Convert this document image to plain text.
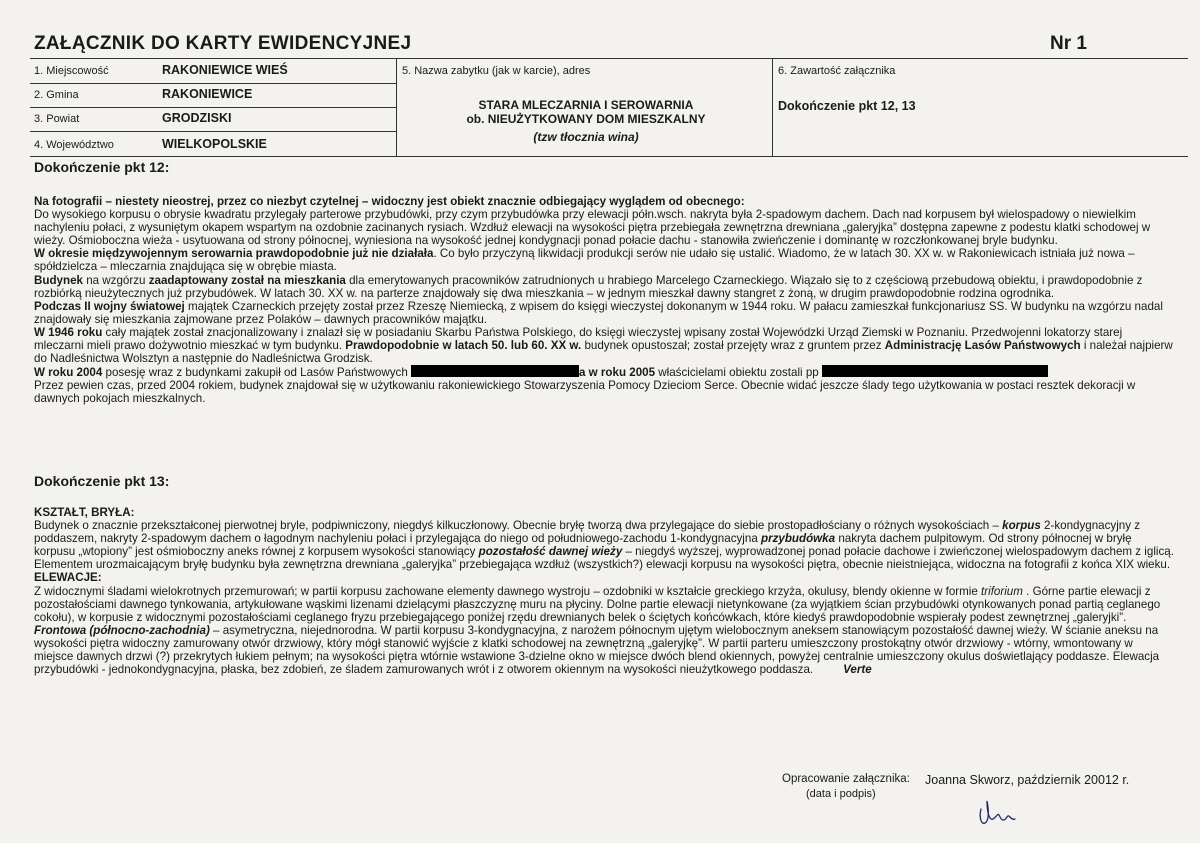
ZAŁĄCZNIK DO KARTY EWIDENCYJNEJ	Nr 1
1. Miejscowość	RAKONIEWICE WIEŚ
2. Gmina	RAKONIEWICE
3. Powiat	GRODZISKI
4. Województwo	WIELKOPOLSKIE
5. Nazwa zabytku (jak w karcie), adres
STARA MLECZARNIA I SEROWARNIA
ob. NIEUŻYTKOWANY DOM MIESZKALNY
(tzw tłocznia wina)
6. Zawartość załącznika
Dokończenie pkt 12, 13
Dokończenie pkt 12:

Na fotografii – niestety nieostrej, przez co niezbyt czytelnej – widoczny jest obiekt znacznie odbiegający wyglądem od obecnego:
Do wysokiego korpusu o obrysie kwadratu przylegały parterowe przybudówki, przy czym przybudówka przy elewacji półn.wsch. nakryta była 2-spadowym dachem. Dach nad korpusem był wielospadowy o niewielkim nachyleniu połaci, z wysuniętym okapem wspartym na ozdobnie zacinanych rysiach. Wzdłuż elewacji na wysokości piętra przebiegała zewnętrzna drewniana „galeryjka” dostępna zapewne z podestu klatki schodowej w wieży. Ośmioboczna wieża - usytuowana od strony północnej, wyniesiona na wysokość jednej kondygnacji ponad połacie dachu - stanowiła zwieńczenie i dominantę w rozczłonkowanej bryle budynku.

W okresie międzywojennym serowarnia prawdopodobnie już nie działała. Co było przyczyną likwidacji produkcji serów nie udało się ustalić. Wiadomo, że w latach 30. XX w. w Rakoniewicach istniała już nowa – spółdzielcza – mleczarnia znajdująca się w obrębie miasta.

Budynek na wzgórzu zaadaptowany został na mieszkania dla emerytowanych pracowników zatrudnionych u hrabiego Marcelego Czarneckiego. Wiązało się to z częściową przebudową obiektu, i prawdopodobnie z rozbiórką nieużytecznych już przybudówek. W latach 30. XX w. na parterze znajdowały się dwa mieszkania – w jednym mieszkał dawny stangret z żoną, w drugim prawdopodobnie rodzina ogrodnika.

Podczas II wojny światowej majątek Czarneckich przejęty został przez Rzeszę Niemiecką, z wpisem do księgi wieczystej dokonanym w 1944 roku. W pałacu zamieszkał funkcjonariusz SS. W budynku na wzgórzu nadal znajdowały się mieszkania zajmowane przez Polaków – dawnych pracowników majątku.

W 1946 roku cały majątek został znacjonalizowany i znalazł się w posiadaniu Skarbu Państwa Polskiego, do księgi wieczystej wpisany został Wojewódzki Urząd Ziemski w Poznaniu. Przedwojenni lokatorzy starej mleczarni mieli prawo dożywotnio mieszkać w tym budynku. Prawdopodobnie w latach 50. lub 60. XX w. budynek opustoszał; został przejęty wraz z gruntem przez Administrację Lasów Państwowych i należał najpierw do Nadleśnictwa Wolsztyn a następnie do Nadleśnictwa Grodzisk.

W roku 2004 posesję wraz z budynkami zakupił od Lasów Państwowych	a w roku 2005 właścicielami obiektu zostali pp
Przez pewien czas, przed 2004 rokiem, budynek znajdował się w użytkowaniu rakoniewickiego Stowarzyszenia Pomocy Dzieciom Serce. Obecnie widać jeszcze ślady tego użytkowania w postaci resztek dekoracji w dawnych pokojach mieszkalnych.

Dokończenie pkt 13:

KSZTAŁT, BRYŁA:

Budynek o znacznie przekształconej pierwotnej bryle, podpiwniczony, niegdyś kilkuczłonowy. Obecnie bryłę tworzą dwa przylegające do siebie prostopadłościany o różnych wysokościach – korpus 2-kondygnacyjny z poddaszem, nakryty 2-spadowym dachem o łagodnym nachyleniu połaci i przylegająca do niego od południowego-zachodu 1-kondygnacyjna przybudówka nakryta dachem pulpitowym. Od strony północnej w bryłę korpusu „wtopiony” jest ośmioboczny aneks równej z korpusem wysokości stanowiący pozostałość dawnej wieży – niegdyś wyższej, wyprowadzonej ponad połacie dachowe i zwieńczonej wielospadowym dachem z iglicą.

Elementem urozmaicającym bryłę budynku była zewnętrzna drewniana „galeryjka” przebiegająca wzdłuż (wszystkich?) elewacji korpusu na wysokości piętra, obecnie nieistniejąca, widoczna na fotografii z końca XIX wieku.

ELEWACJE:

Z widocznymi śladami wielokrotnych przemurowań; w partii korpusu zachowane elementy dawnego wystroju – ozdobniki w kształcie greckiego krzyża, okulusy, blendy okienne w formie triforium . Górne partie elewacji z pozostałościami dawnego tynkowania, artykułowane wąskimi lizenami dzielącymi płaszczyznę muru na płyciny. Dolne partie elewacji nietynkowane (za wyjątkiem ścian przybudówki otynkowanych ponad partią ceglanego cokołu), w korpusie z widocznymi pozostałościami ceglanego fryzu przebiegającego poniżej rzędu drewnianych belek o ściętych końcówkach, które kiedyś prawdopodobnie wspierały podest zewnętrznej „galeryjki”.

Frontowa (północno-zachodnia) – asymetryczna, niejednorodna. W partii korpusu 3-kondygnacyjna, z narożem północnym ujętym wielobocznym aneksem stanowiącym pozostałość dawnej wieży. W ścianie aneksu na wysokości piętra widoczny zamurowany otwór drzwiowy, który mógł stanowić wyjście z klatki schodowej na zewnętrzną „galeryjkę”. W partii parteru umieszczony prostokątny otwór drzwiowy - wtórny, wmontowany w miejsce dawnych drzwi (?) przekrytych łukiem pełnym; na wysokości piętra wtórnie wstawione 3-dzielne okno w miejsce dwóch blend okiennych, powyżej centralnie umieszczony okulus doświetlający poddasze. Elewacja przybudówki - jednokondygnacyjna, płaska, bez zdobień, ze śladem zamurowanych wrót i z otworem okiennym na wysokości nieużytkowego poddasza.	Verte

Opracowanie załącznika:
(data i podpis)
Joanna Skworz, październik 20012 r.
